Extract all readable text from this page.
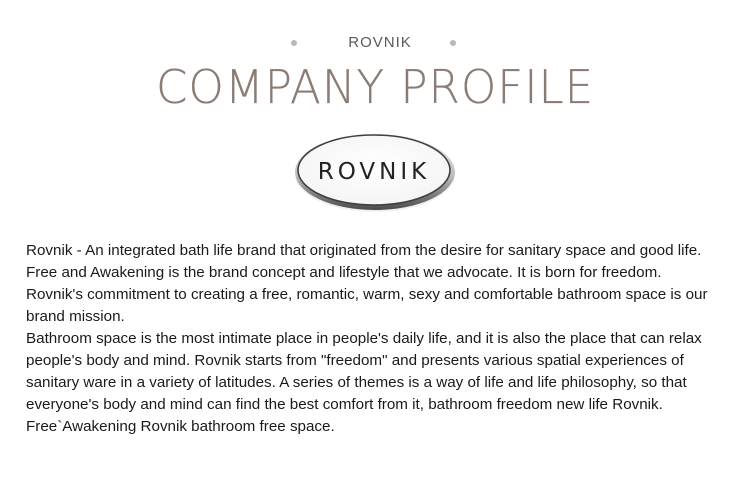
ROVNIK
COMPANY PROFILE
ROVNIK

Rovnik - An integrated bath life brand that originated from the desire for sanitary space and good life. Free and Awakening is the brand concept and lifestyle that we advocate. It is born for freedom.

Rovnik's commitment to creating a free, romantic, warm, sexy and comfortable bathroom space is our brand mission.

Bathroom space is the most intimate place in people's daily life, and it is also the place that can relax people's body and mind. Rovnik starts from "freedom" and presents various spatial experiences of sanitary ware in a variety of latitudes. A series of themes is a way of life and life philosophy, so that everyone's body and mind can find the best comfort from it, bathroom freedom new life Rovnik.

Free`Awakening Rovnik bathroom free space.
